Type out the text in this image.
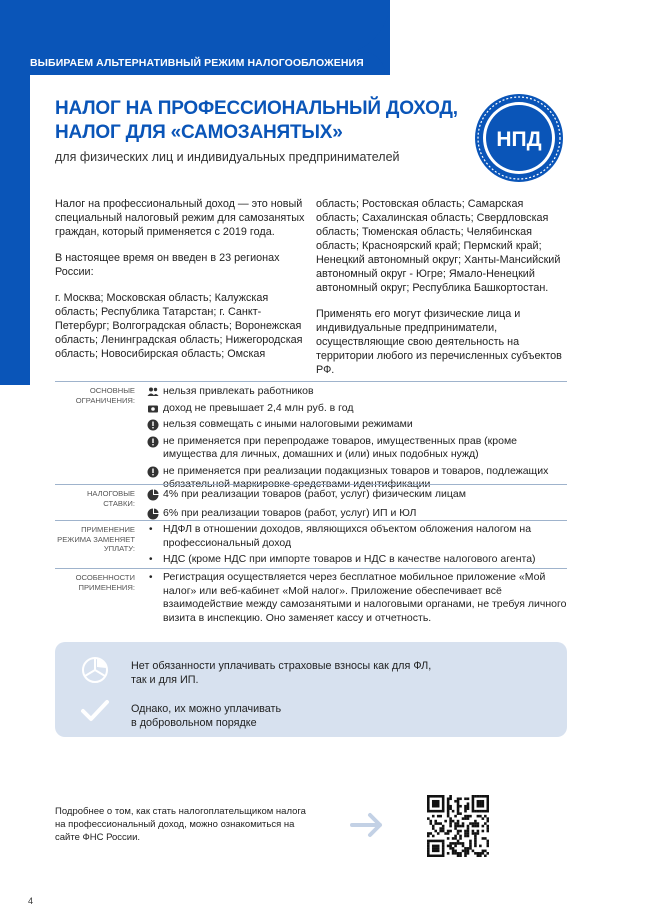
ВЫБИРАЕМ АЛЬТЕРНАТИВНЫЙ РЕЖИМ НАЛОГООБЛОЖЕНИЯ
НАЛОГ НА ПРОФЕССИОНАЛЬНЫЙ ДОХОД,
НАЛОГ ДЛЯ «САМОЗАНЯТЫХ»
для физических лиц и индивидуальных предпринимателей
НПД

Налог на профессиональный доход — это новый специальный налоговый режим для самозанятых граждан, который применяется с 2019 года.

В настоящее время он введен в 23 регионах России:

г. Москва; Московская область; Калужская область; Республика Татарстан; г. Санкт-Петербург; Волгоградская область; Воронежская область; Ленинградская область; Нижегородская область; Новосибирская область; Омская

область; Ростовская область; Самарская область; Сахалинская область; Свердловская область; Тюменская область; Челябинская область; Красноярский край; Пермский край; Ненецкий автономный округ; Ханты-Мансийский автономный округ - Югре; Ямало-Ненецкий автономный округ; Республика Башкортостан.

Применять его могут физические лица и индивидуальные предприниматели, осуществляющие свою деятельность на территории любого из перечисленных субъектов РФ.

ОСНОВНЫЕ ОГРАНИЧЕНИЯ:
нельзя привлекать работников
доход не превышает 2,4 млн руб. в год
нельзя совмещать с иными налоговыми режимами
не применяется при перепродаже товаров, имущественных прав (кроме имущества для личных, домашних и (или) иных подобных нужд)
не применяется при реализации подакцизных товаров и товаров, подлежащих обязательной маркировке средствами идентификации
НАЛОГОВЫЕ СТАВКИ:
4% при реализации товаров (работ, услуг) физическим лицам
6% при реализации товаров (работ, услуг) ИП и ЮЛ
ПРИМЕНЕНИЕ РЕЖИМА ЗАМЕНЯЕТ УПЛАТУ:
• НДФЛ в отношении доходов, являющихся объектом обложения налогом на профессиональный доход
• НДС (кроме НДС при импорте товаров и НДС в качестве налогового агента)
ОСОБЕННОСТИ ПРИМЕНЕНИЯ:
• Регистрация осуществляется через бесплатное мобильное приложение «Мой налог» или веб-кабинет «Мой налог». Приложение обеспечивает всё взаимодействие между самозанятыми и налоговыми органами, не требуя личного визита в инспекцию. Оно заменяет кассу и отчетность.
Нет обязанности уплачивать страховые взносы как для ФЛ,
так и для ИП.
Однако, их можно уплачивать
в добровольном порядке
Подробнее о том, как стать налогоплательщиком налога на профессиональный доход, можно ознакомиться на сайте ФНС России.
4
